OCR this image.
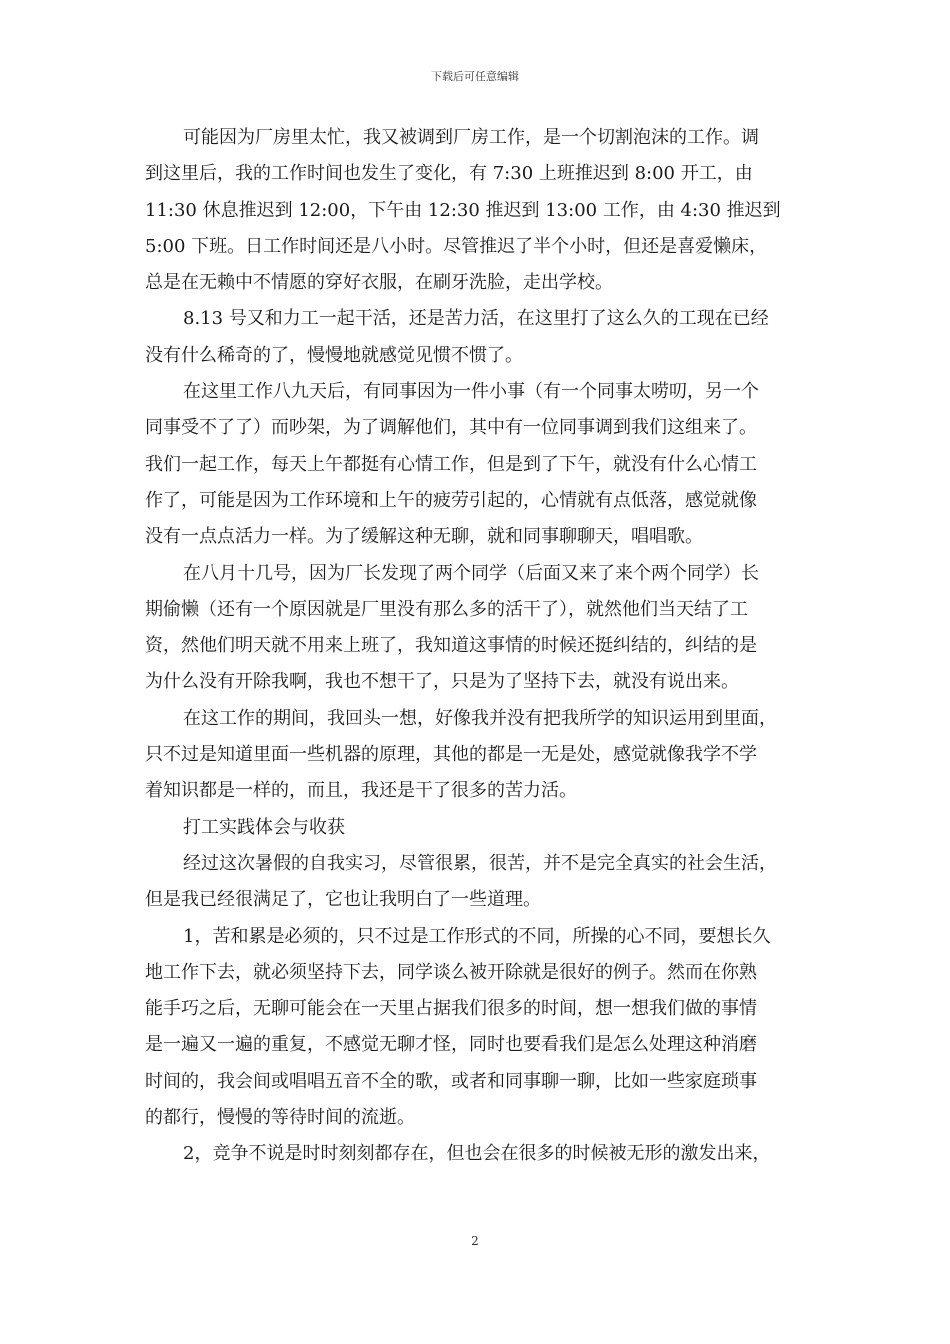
下载后可任意编辑
可能因为厂房里太忙，我又被调到厂房工作，是一个切割泡沫的工作。调
到这里后，我的工作时间也发生了变化，有 7:30 上班推迟到 8:00 开工，由
11:30 休息推迟到 12:00，下午由 12:30 推迟到 13:00 工作，由 4:30 推迟到
5:00 下班。日工作时间还是八小时。尽管推迟了半个小时，但还是喜爱懒床，
总是在无赖中不情愿的穿好衣服，在刷牙洗脸，走出学校。
8.13 号又和力工一起干活，还是苦力活，在这里打了这么久的工现在已经
没有什么稀奇的了，慢慢地就感觉见惯不惯了。
在这里工作八九天后，有同事因为一件小事（有一个同事太唠叨，另一个
同事受不了了）而吵架，为了调解他们，其中有一位同事调到我们这组来了。
我们一起工作，每天上午都挺有心情工作，但是到了下午，就没有什么心情工
作了，可能是因为工作环境和上午的疲劳引起的，心情就有点低落，感觉就像
没有一点点活力一样。为了缓解这种无聊，就和同事聊聊天，唱唱歌。
在八月十几号，因为厂长发现了两个同学（后面又来了来个两个同学）长
期偷懒（还有一个原因就是厂里没有那么多的活干了），就然他们当天结了工
资，然他们明天就不用来上班了，我知道这事情的时候还挺纠结的，纠结的是
为什么没有开除我啊，我也不想干了，只是为了坚持下去，就没有说出来。
在这工作的期间，我回头一想，好像我并没有把我所学的知识运用到里面，
只不过是知道里面一些机器的原理，其他的都是一无是处，感觉就像我学不学
着知识都是一样的，而且，我还是干了很多的苦力活。
打工实践体会与收获
经过这次暑假的自我实习，尽管很累，很苦，并不是完全真实的社会生活，
但是我已经很满足了，它也让我明白了一些道理。
1，苦和累是必须的，只不过是工作形式的不同，所操的心不同，要想长久
地工作下去，就必须坚持下去，同学谈么被开除就是很好的例子。然而在你熟
能手巧之后，无聊可能会在一天里占据我们很多的时间，想一想我们做的事情
是一遍又一遍的重复，不感觉无聊才怪，同时也要看我们是怎么处理这种消磨
时间的，我会间或唱唱五音不全的歌，或者和同事聊一聊，比如一些家庭琐事
的都行，慢慢的等待时间的流逝。
2，竞争不说是时时刻刻都存在，但也会在很多的时候被无形的激发出来，
2
